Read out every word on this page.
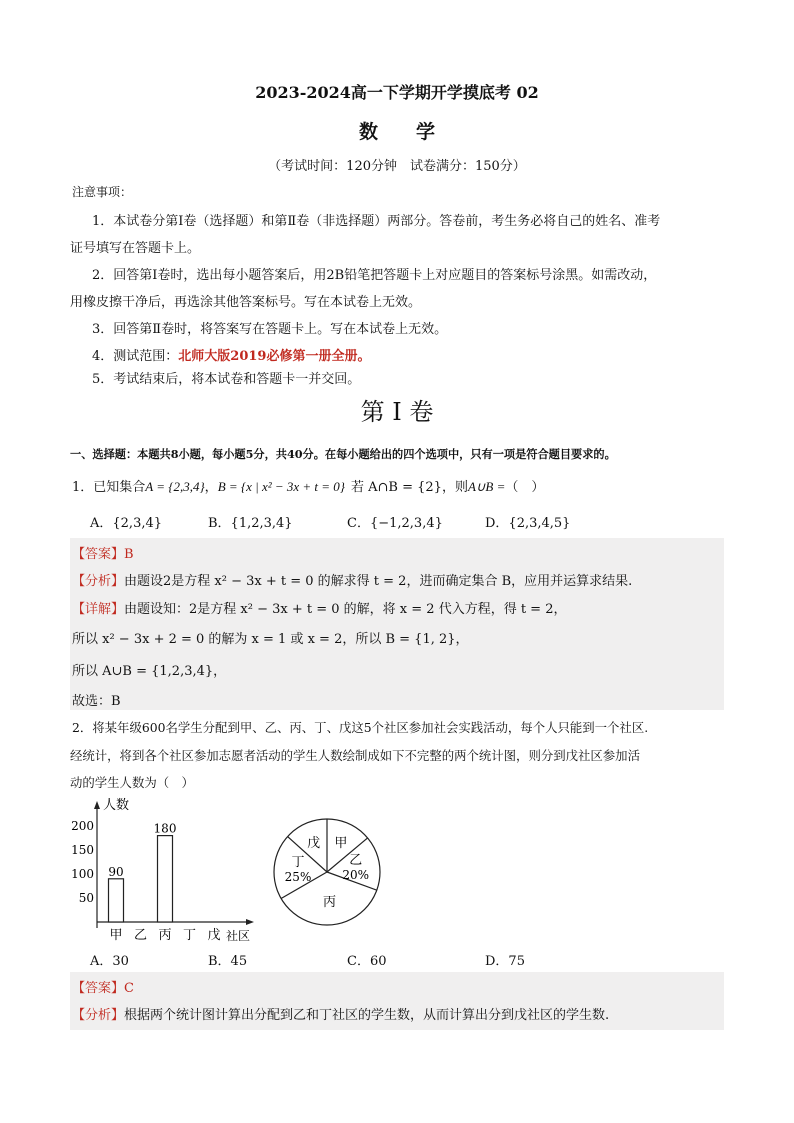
2023-2024高一下学期开学摸底考 02
数　　学
（考试时间：120分钟　试卷满分：150分）
注意事项：
1．本试卷分第Ⅰ卷（选择题）和第Ⅱ卷（非选择题）两部分。答卷前，考生务必将自己的姓名、准考
证号填写在答题卡上。
2．回答第Ⅰ卷时，选出每小题答案后，用2B铅笔把答题卡上对应题目的答案标号涂黑。如需改动，
用橡皮擦干净后，再选涂其他答案标号。写在本试卷上无效。
3．回答第Ⅱ卷时，将答案写在答题卡上。写在本试卷上无效。
4．测试范围：北师大版2019必修第一册全册。
5．考试结束后，将本试卷和答题卡一并交回。
第 I 卷
一、选择题：本题共8小题，每小题5分，共40分。在每小题给出的四个选项中，只有一项是符合题目要求的。
1．已知集合A = {2,3,4}，B = {x | x² − 3x + t = 0} 若 A∩B = {2}，则A∪B =（　）
A．{2,3,4}	B．{1,2,3,4}	C．{−1,2,3,4}	D．{2,3,4,5}
【答案】B
【分析】由题设2是方程 x² − 3x + t = 0 的解求得 t = 2，进而确定集合 B，应用并运算求结果.
【详解】由题设知：2是方程 x² − 3x + t = 0 的解，将 x = 2 代入方程，得 t = 2，
所以 x² − 3x + 2 = 0 的解为 x = 1 或 x = 2，所以 B = {1, 2}，
所以 A∪B = {1,2,3,4}，
故选：B
2．将某年级600名学生分配到甲、乙、丙、丁、戊这5个社区参加社会实践活动，每个人只能到一个社区.
经统计，将到各个社区参加志愿者活动的学生人数绘制成如下不完整的两个统计图，则分到戊社区参加活
动的学生人数为（　）
人数
社区
50
100
150
200
90
180
甲 乙 丙 丁 戊
甲
乙
20%
丙
丁
25%
戊
A．30	B．45	C．60	D．75
【答案】C
【分析】根据两个统计图计算出分配到乙和丁社区的学生数，从而计算出分到戊社区的学生数.
